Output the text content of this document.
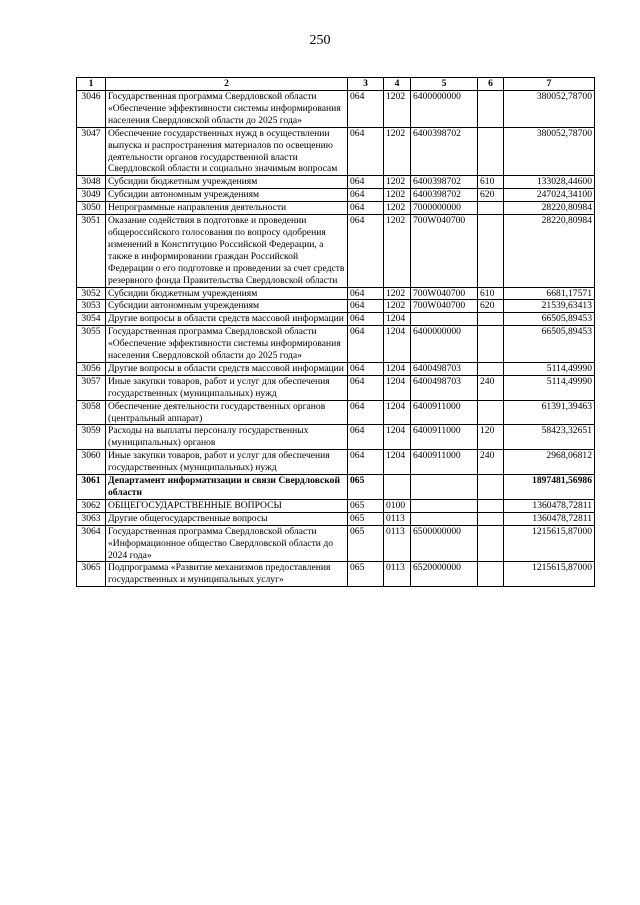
250
1	2	3	4	5	6	7
3046	Государственная программа Свердловской области «Обеспечение эффективности системы информирования населения Свердловской области до 2025 года»	064	1202	6400000000		380052,78700
3047	Обеспечение государственных нужд в осуществлении выпуска и распространения материалов по освещению деятельности органов государственной власти Свердловской области и социально значимым вопросам	064	1202	6400398702		380052,78700
3048	Субсидии бюджетным учреждениям	064	1202	6400398702	610	133028,44600
3049	Субсидии автономным учреждениям	064	1202	6400398702	620	247024,34100
3050	Непрограммные направления деятельности	064	1202	7000000000		28220,80984
3051	Оказание содействия в подготовке и проведении общероссийского голосования по вопросу одобрения изменений в Конституцию Российской Федерации, а также в информировании граждан Российской Федерации о его подготовке и проведении за счет средств резервного фонда Правительства Свердловской области	064	1202	700W040700		28220,80984
3052	Субсидии бюджетным учреждениям	064	1202	700W040700	610	6681,17571
3053	Субсидии автономным учреждениям	064	1202	700W040700	620	21539,63413
3054	Другие вопросы в области средств массовой информации	064	1204			66505,89453
3055	Государственная программа Свердловской области «Обеспечение эффективности системы информирования населения Свердловской области до 2025 года»	064	1204	6400000000		66505,89453
3056	Другие вопросы в области средств массовой информации	064	1204	6400498703		5114,49990
3057	Иные закупки товаров, работ и услуг для обеспечения государственных (муниципальных) нужд	064	1204	6400498703	240	5114,49990
3058	Обеспечение деятельности государственных органов (центральный аппарат)	064	1204	6400911000		61391,39463
3059	Расходы на выплаты персоналу государственных (муниципальных) органов	064	1204	6400911000	120	58423,32651
3060	Иные закупки товаров, работ и услуг для обеспечения государственных (муниципальных) нужд	064	1204	6400911000	240	2968,06812
3061	Департамент информатизации и связи Свердловской области	065				1897481,56986
3062	ОБЩЕГОСУДАРСТВЕННЫЕ ВОПРОСЫ	065	0100			1360478,72811
3063	Другие общегосударственные вопросы	065	0113			1360478,72811
3064	Государственная программа Свердловской области «Информационное общество Свердловской области до 2024 года»	065	0113	6500000000		1215615,87000
3065	Подпрограмма «Развитие механизмов предоставления государственных и муниципальных услуг»	065	0113	6520000000		1215615,87000
